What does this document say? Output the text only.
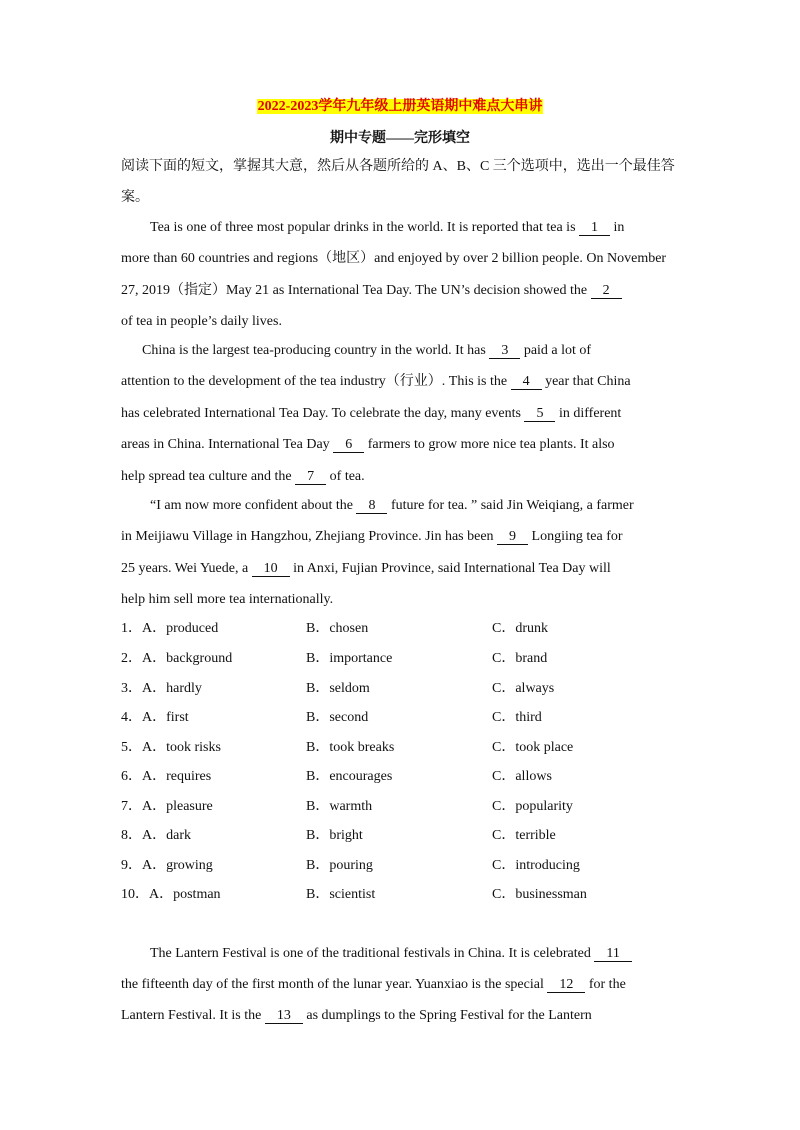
2022-2023学年九年级上册英语期中难点大串讲
期中专题——完形填空
阅读下面的短文，掌握其大意，然后从各题所给的 A、B、C 三个选项中，选出一个最佳答
案。
Tea is one of three most popular drinks in the world. It is reported that tea is 1 in
more than 60 countries and regions（地区）and enjoyed by over 2 billion people. On November
27, 2019（指定）May 21 as International Tea Day. The UN’s decision showed the 2
of tea in people’s daily lives.
China is the largest tea-producing country in the world. It has 3 paid a lot of
attention to the development of the tea industry（行业）. This is the 4 year that China
has celebrated International Tea Day. To celebrate the day, many events 5 in different
areas in China. International Tea Day 6 farmers to grow more nice tea plants. It also
help spread tea culture and the 7 of tea.
“I am now more confident about the 8 future for tea. ” said Jin Weiqiang, a farmer
in Meijiawu Village in Hangzhou, Zhejiang Province. Jin has been 9 Longiing tea for
25 years. Wei Yuede, a 10 in Anxi, Fujian Province, said International Tea Day will
help him sell more tea internationally.
1．A．produced	B．chosen	C．drunk
2．A．background	B．importance	C．brand
3．A．hardly	B．seldom	C．always
4．A．first	B．second	C．third
5．A．took risks	B．took breaks	C．took place
6．A．requires	B．encourages	C．allows
7．A．pleasure	B．warmth	C．popularity
8．A．dark	B．bright	C．terrible
9．A．growing	B．pouring	C．introducing
10．A．postman	B．scientist	C．businessman
The Lantern Festival is one of the traditional festivals in China. It is celebrated 11
the fifteenth day of the first month of the lunar year. Yuanxiao is the special 12 for the
Lantern Festival. It is the 13 as dumplings to the Spring Festival for the Lantern
